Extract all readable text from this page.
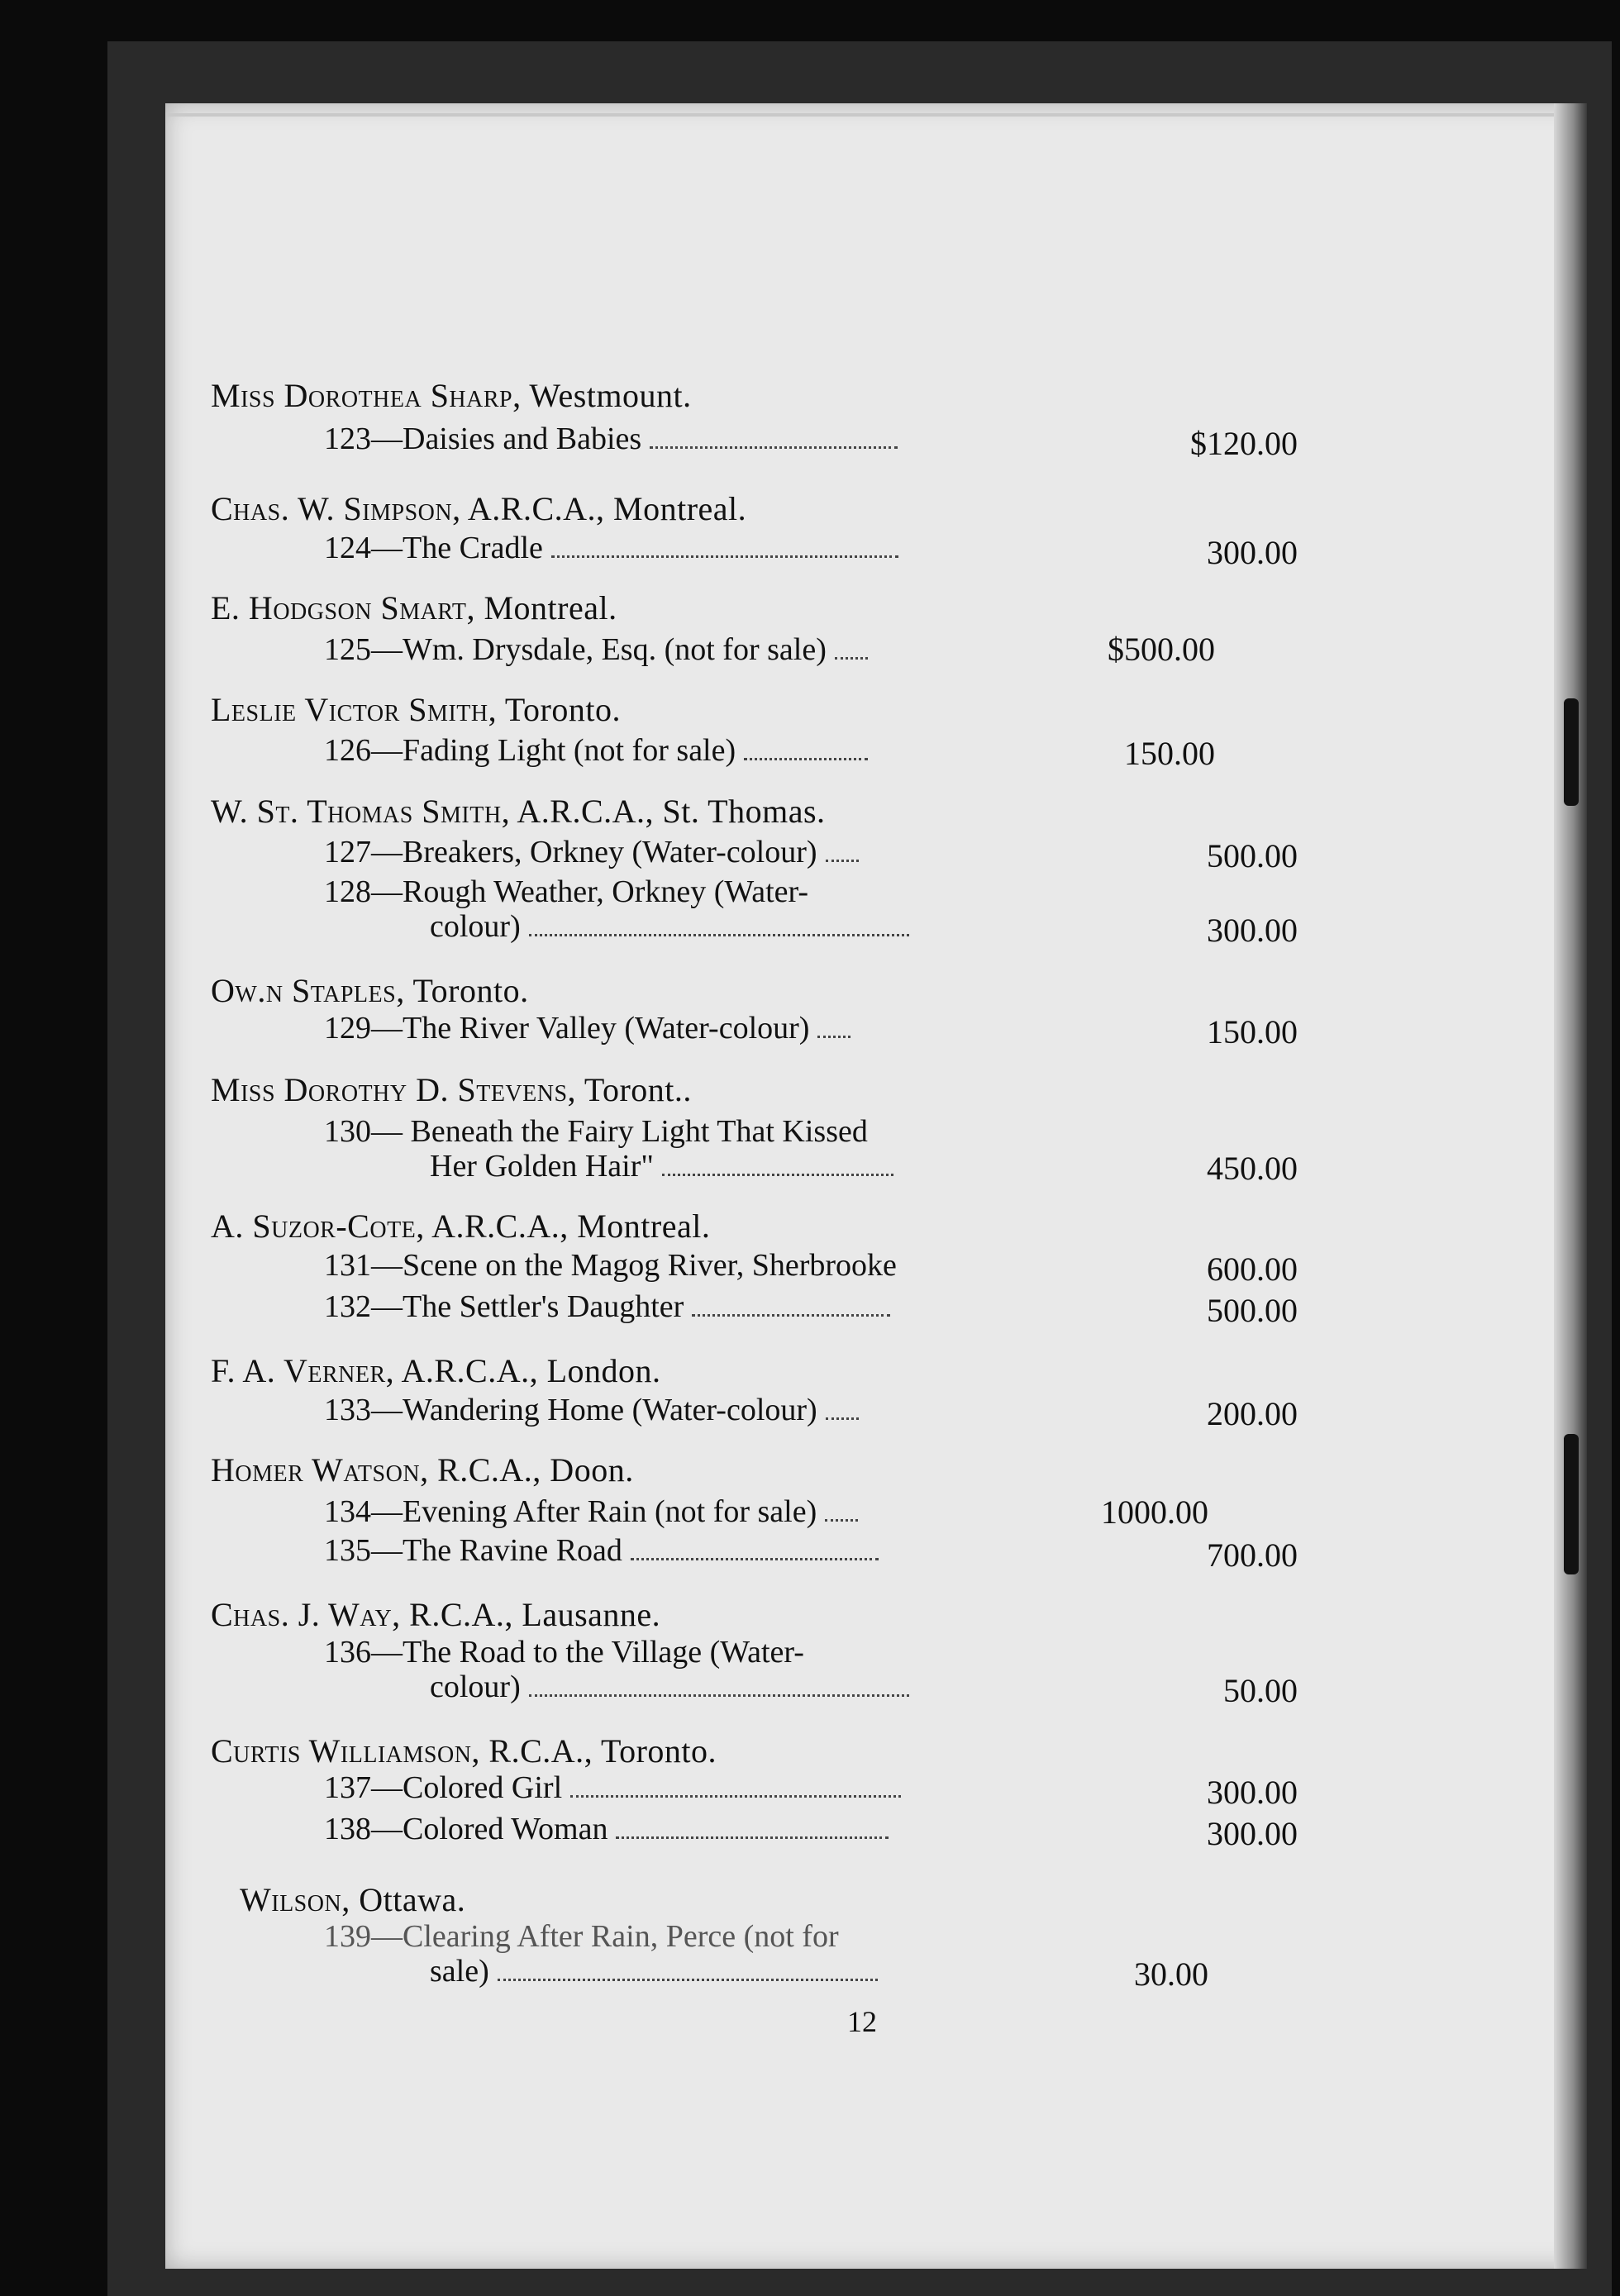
Miss Dorothea Sharp, Westmount.
123—Daisies and Babies	$120.00
Chas. W. Simpson, A.R.C.A., Montreal.
124—The Cradle	300.00
E. Hodgson Smart, Montreal.
125—Wm. Drysdale, Esq. (not for sale)	$500.00
Leslie Victor Smith, Toronto.
126—Fading Light (not for sale)	150.00
W. St. Thomas Smith, A.R.C.A., St. Thomas.
127—Breakers, Orkney (Water-colour)	500.00
128—Rough Weather, Orkney (Water-
colour)	300.00
Ow.n Staples, Toronto.
129—The River Valley (Water-colour)	150.00
Miss Dorothy D. Stevens, Toront..
130— Beneath the Fairy Light That Kissed
Her Golden Hair"	450.00
A. Suzor-Cote, A.R.C.A., Montreal.
131—Scene on the Magog River, Sherbrooke	600.00
132—The Settler's Daughter	500.00
F. A. Verner, A.R.C.A., London.
133—Wandering Home (Water-colour)	200.00
Homer Watson, R.C.A., Doon.
134—Evening After Rain (not for sale)	1000.00
135—The Ravine Road	700.00
Chas. J. Way, R.C.A., Lausanne.
136—The Road to the Village (Water-
colour)	50.00
Curtis Williamson, R.C.A., Toronto.
137—Colored Girl	300.00
138—Colored Woman	300.00
Wilson, Ottawa.
139—Clearing After Rain, Perce (not for
sale)	30.00
12
